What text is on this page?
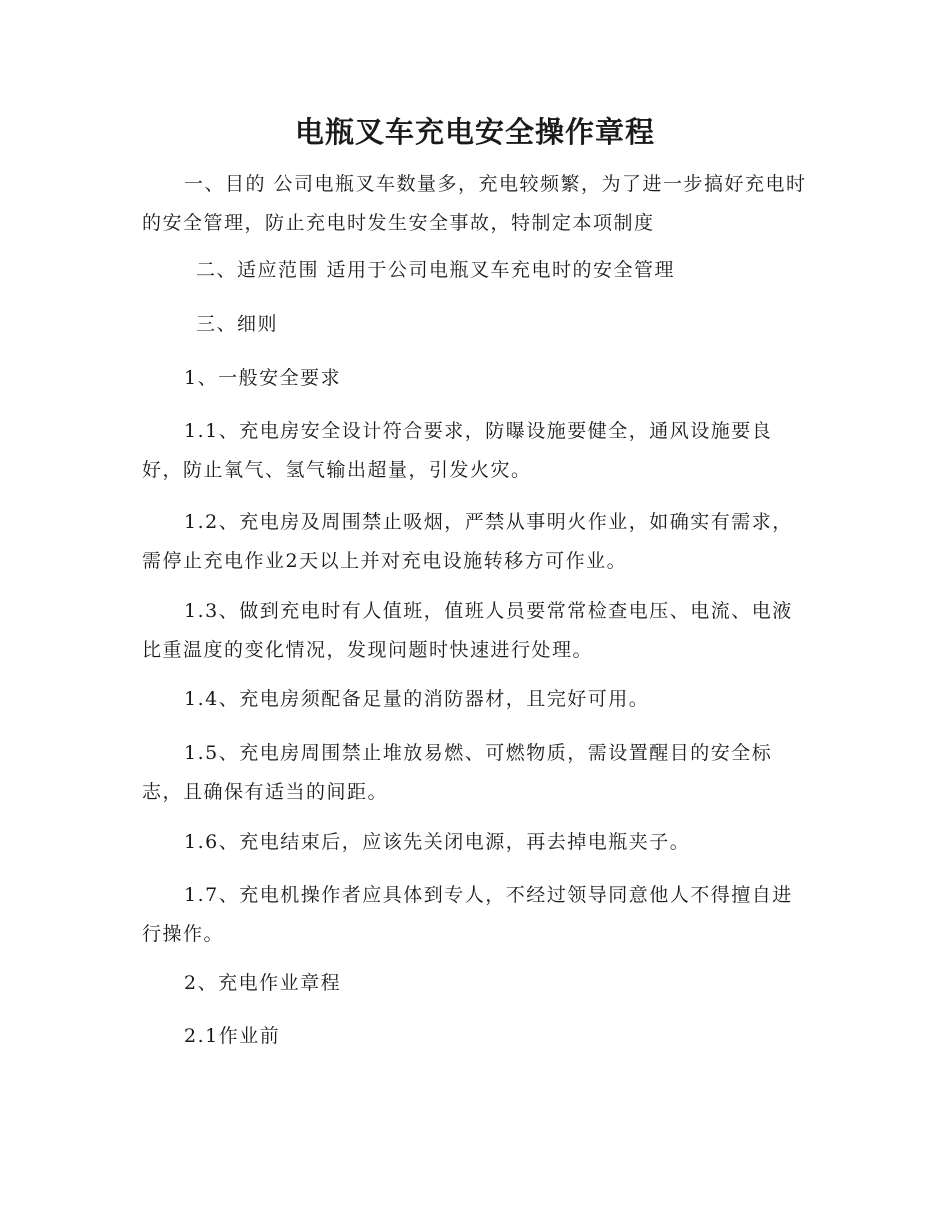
电瓶叉车充电安全操作章程
一、目的 公司电瓶叉车数量多，充电较频繁，为了进一步搞好充电时的安全管理，防止充电时发生安全事故，特制定本项制度
二、适应范围 适用于公司电瓶叉车充电时的安全管理
三、细则
1、一般安全要求
1.1、充电房安全设计符合要求，防曝设施要健全，通风设施要良好，防止氧气、氢气输出超量，引发火灾。
1.2、充电房及周围禁止吸烟，严禁从事明火作业，如确实有需求，需停止充电作业2天以上并对充电设施转移方可作业。
1.3、做到充电时有人值班，值班人员要常常检查电压、电流、电液比重温度的变化情况，发现问题时快速进行处理。
1.4、充电房须配备足量的消防器材，且完好可用。
1.5、充电房周围禁止堆放易燃、可燃物质，需设置醒目的安全标志，且确保有适当的间距。
1.6、充电结束后，应该先关闭电源，再去掉电瓶夹子。
1.7、充电机操作者应具体到专人，不经过领导同意他人不得擅自进行操作。
2、充电作业章程
2.1作业前
